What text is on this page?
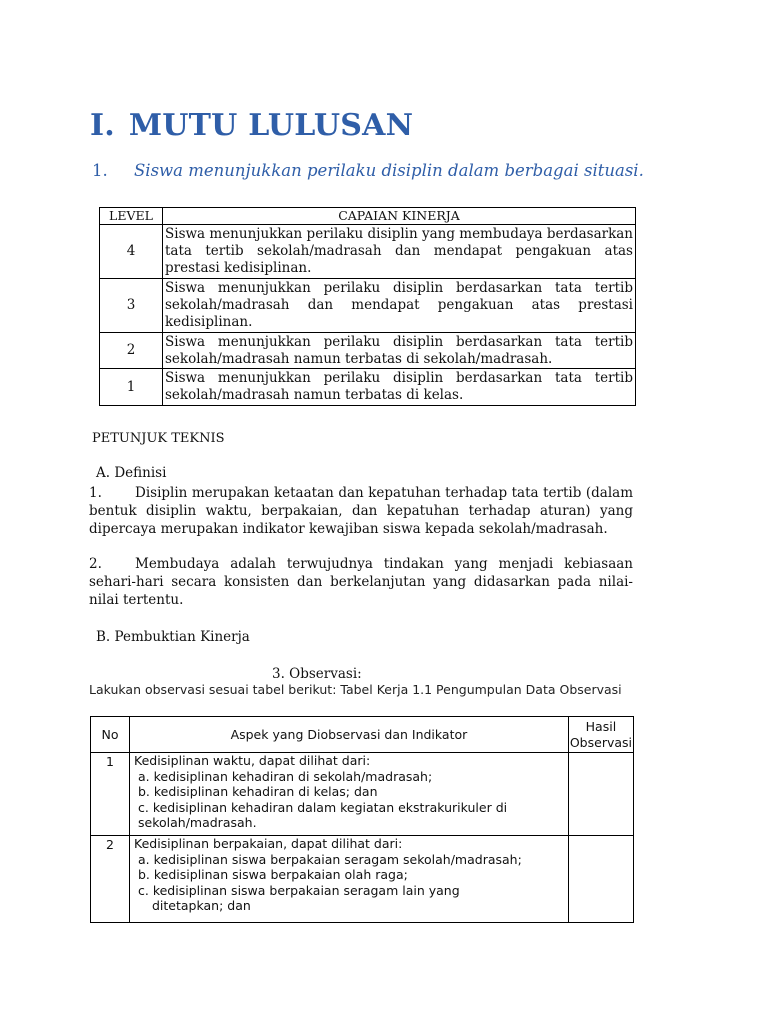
I. MUTU LULUSAN
1.	Siswa menunjukkan perilaku disiplin dalam berbagai situasi.
LEVEL	CAPAIAN KINERJA
4	Siswa menunjukkan perilaku disiplin yang membudaya berdasarkan tata tertib sekolah/madrasah dan mendapat pengakuan atas prestasi kedisiplinan.
3	Siswa menunjukkan perilaku disiplin berdasarkan tata tertib sekolah/madrasah dan mendapat pengakuan atas prestasi kedisiplinan.
2	Siswa menunjukkan perilaku disiplin berdasarkan tata tertib sekolah/madrasah namun terbatas di sekolah/madrasah.
1	Siswa menunjukkan perilaku disiplin berdasarkan tata tertib sekolah/madrasah namun terbatas di kelas.
PETUNJUK TEKNIS
A. Definisi
1. Disiplin merupakan ketaatan dan kepatuhan terhadap tata tertib (dalam bentuk disiplin waktu, berpakaian, dan kepatuhan terhadap aturan) yang dipercaya merupakan indikator kewajiban siswa kepada sekolah/madrasah.
2. Membudaya adalah terwujudnya tindakan yang menjadi kebiasaan sehari-hari secara konsisten dan berkelanjutan yang didasarkan pada nilai-nilai tertentu.
B. Pembuktian Kinerja
3. Observasi:
Lakukan observasi sesuai tabel berikut: Tabel Kerja 1.1 Pengumpulan Data Observasi
No	Aspek yang Diobservasi dan Indikator	Hasil Observasi
1	Kedisiplinan waktu, dapat dilihat dari:
a. kedisiplinan kehadiran di sekolah/madrasah;
b. kedisiplinan kehadiran di kelas; dan
c. kedisiplinan kehadiran dalam kegiatan ekstrakurikuler di
sekolah/madrasah.	

2	Kedisiplinan berpakaian, dapat dilihat dari:
a. kedisiplinan siswa berpakaian seragam sekolah/madrasah;
b. kedisiplinan siswa berpakaian olah raga;
c. kedisiplinan siswa berpakaian seragam lain yang
ditetapkan; dan	
